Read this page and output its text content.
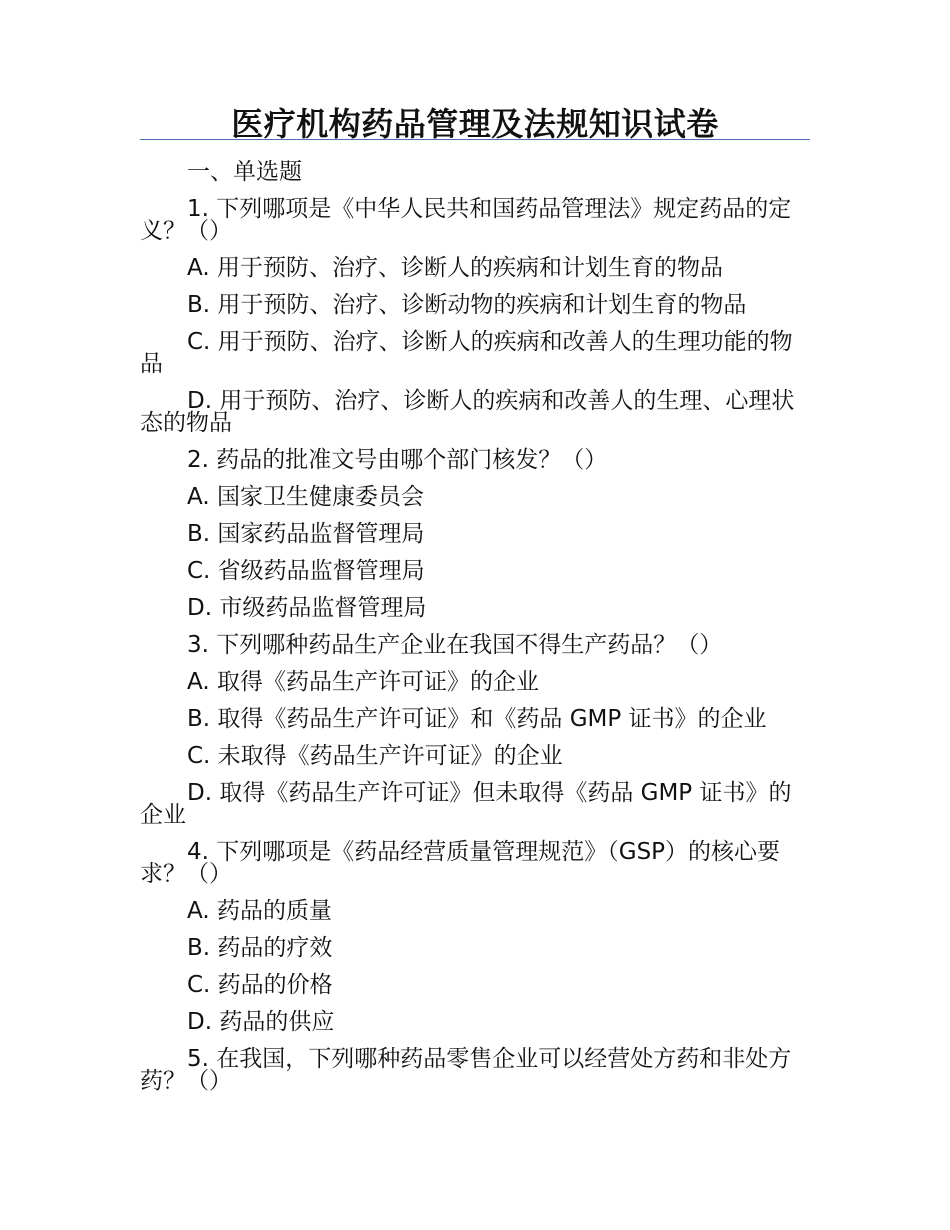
医疗机构药品管理及法规知识试卷

一、单选题

1. 下列哪项是《中华人民共和国药品管理法》规定药品的定义？（）

A. 用于预防、治疗、诊断人的疾病和计划生育的物品

B. 用于预防、治疗、诊断动物的疾病和计划生育的物品

C. 用于预防、治疗、诊断人的疾病和改善人的生理功能的物品

D. 用于预防、治疗、诊断人的疾病和改善人的生理、心理状态的物品

2. 药品的批准文号由哪个部门核发？（）

A. 国家卫生健康委员会

B. 国家药品监督管理局

C. 省级药品监督管理局

D. 市级药品监督管理局

3. 下列哪种药品生产企业在我国不得生产药品？（）

A. 取得《药品生产许可证》的企业

B. 取得《药品生产许可证》和《药品 GMP 证书》的企业

C. 未取得《药品生产许可证》的企业

D. 取得《药品生产许可证》但未取得《药品 GMP 证书》的企业

4. 下列哪项是《药品经营质量管理规范》（GSP）的核心要求？（）

A. 药品的质量

B. 药品的疗效

C. 药品的价格

D. 药品的供应

5. 在我国，下列哪种药品零售企业可以经营处方药和非处方药？（）
